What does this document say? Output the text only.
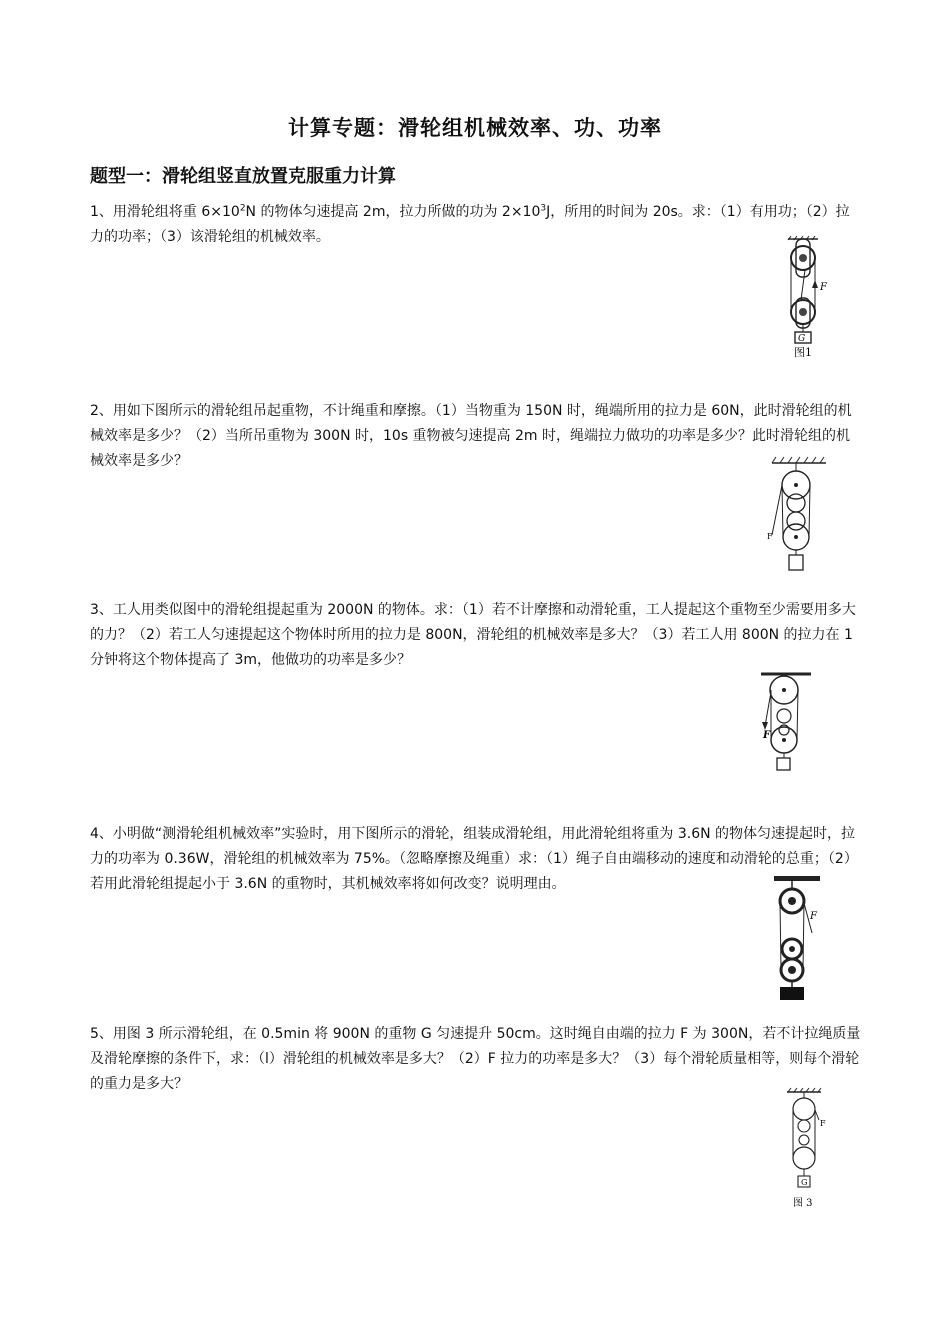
计算专题：滑轮组机械效率、功、功率
题型一：滑轮组竖直放置克服重力计算

1、用滑轮组将重 $6\times 10^2N$ 的物体匀速提高 2m，拉力所做的功为 $2\times 10^3J$，所用的时间为 20s。求：（1）有用功；（2）拉力的功率；（3）该滑轮组的机械效率。

2、用如下图所示的滑轮组吊起重物，不计绳重和摩擦。（1）当物重为 150N 时，绳端所用的拉力是 60N，此时滑轮组的机械效率是多少？（2）当所吊重物为 300N 时，10s 重物被匀速提高 2m 时，绳端拉力做功的功率是多少？此时滑轮组的机械效率是多少？

3、工人用类似图中的滑轮组提起重为 2000N 的物体。求：（1）若不计摩擦和动滑轮重，工人提起这个重物至少需要用多大的力？（2）若工人匀速提起这个物体时所用的拉力是 800N，滑轮组的机械效率是多大？（3）若工人用 800N 的拉力在 1 分钟将这个物体提高了 3m，他做功的功率是多少？

4、小明做“测滑轮组机械效率”实验时，用下图所示的滑轮，组装成滑轮组，用此滑轮组将重为 3.6N 的物体匀速提起时，拉力的功率为 0.36W，滑轮组的机械效率为 75%。（忽略摩擦及绳重）求：（1）绳子自由端移动的速度和动滑轮的总重；（2）若用此滑轮组提起小于 3.6N 的重物时，其机械效率将如何改变？说明理由。

5、用图 3 所示滑轮组，在 0.5min 将 900N 的重物 G 匀速提升 50cm。这时绳自由端的拉力 F 为 300N，若不计拉绳质量及滑轮摩擦的条件下，求：（l）滑轮组的机械效率是多大？（2）F 拉力的功率是多大？（3）每个滑轮质量相等，则每个滑轮的重力是多大？

F
G
图1
F
F
F
F
G
图 3
